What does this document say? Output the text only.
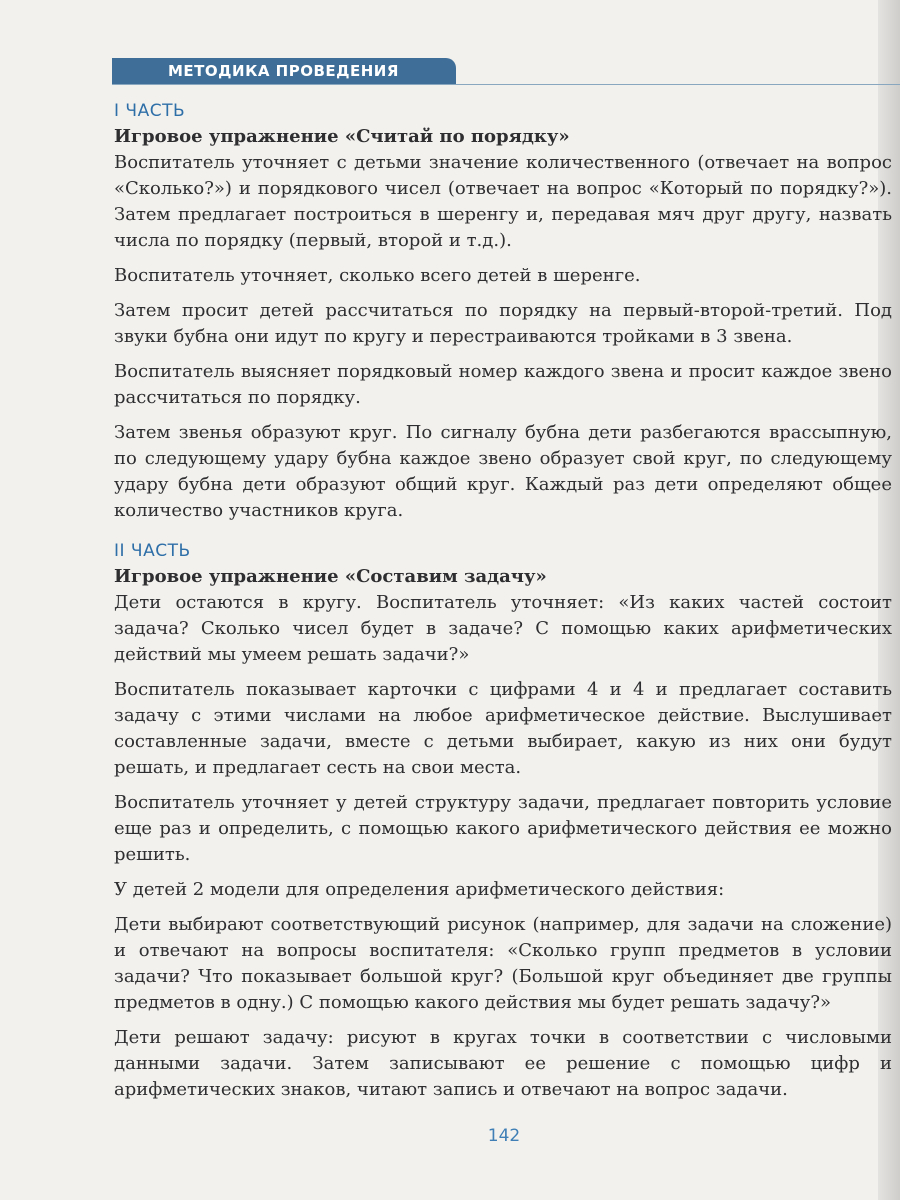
МЕТОДИКА ПРОВЕДЕНИЯ
I ЧАСТЬ
Игровое упражнение «Считай по порядку»

Воспитатель уточняет с детьми значение количественного (отвечает на вопрос «Сколько?») и порядкового чисел (отвечает на вопрос «Который по порядку?»). Затем предлагает построиться в шеренгу и, передавая мяч друг другу, назвать числа по порядку (первый, второй и т.д.).

Воспитатель уточняет, сколько всего детей в шеренге.

Затем просит детей рассчитаться по порядку на первый-второй-третий. Под звуки бубна они идут по кругу и перестраиваются тройками в 3 звена.

Воспитатель выясняет порядковый номер каждого звена и просит каждое звено рассчитаться по порядку.

Затем звенья образуют круг. По сигналу бубна дети разбегаются врассыпную, по следующему удару бубна каждое звено образует свой круг, по следующему удару бубна дети образуют общий круг. Каждый раз дети определяют общее количество участников круга.

II ЧАСТЬ
Игровое упражнение «Составим задачу»

Дети остаются в кругу. Воспитатель уточняет: «Из каких частей состоит задача? Сколько чисел будет в задаче? С помощью каких арифметических действий мы умеем решать задачи?»

Воспитатель показывает карточки с цифрами 4 и 4 и предлагает составить задачу с этими числами на любое арифметическое действие. Выслушивает составленные задачи, вместе с детьми выбирает, какую из них они будут решать, и предлагает сесть на свои места.

Воспитатель уточняет у детей структуру задачи, предлагает повторить условие еще раз и определить, с помощью какого арифметического действия ее можно решить.

У детей 2 модели для определения арифметического действия:

Дети выбирают соответствующий рисунок (например, для задачи на сложение) и отвечают на вопросы воспитателя: «Сколько групп предметов в условии задачи? Что показывает большой круг? (Большой круг объединяет две группы предметов в одну.) С помощью какого действия мы будет решать задачу?»

Дети решают задачу: рисуют в кругах точки в соответствии с числовыми данными задачи. Затем записывают ее решение с помощью цифр и арифметических знаков, читают запись и отвечают на вопрос задачи.

142
